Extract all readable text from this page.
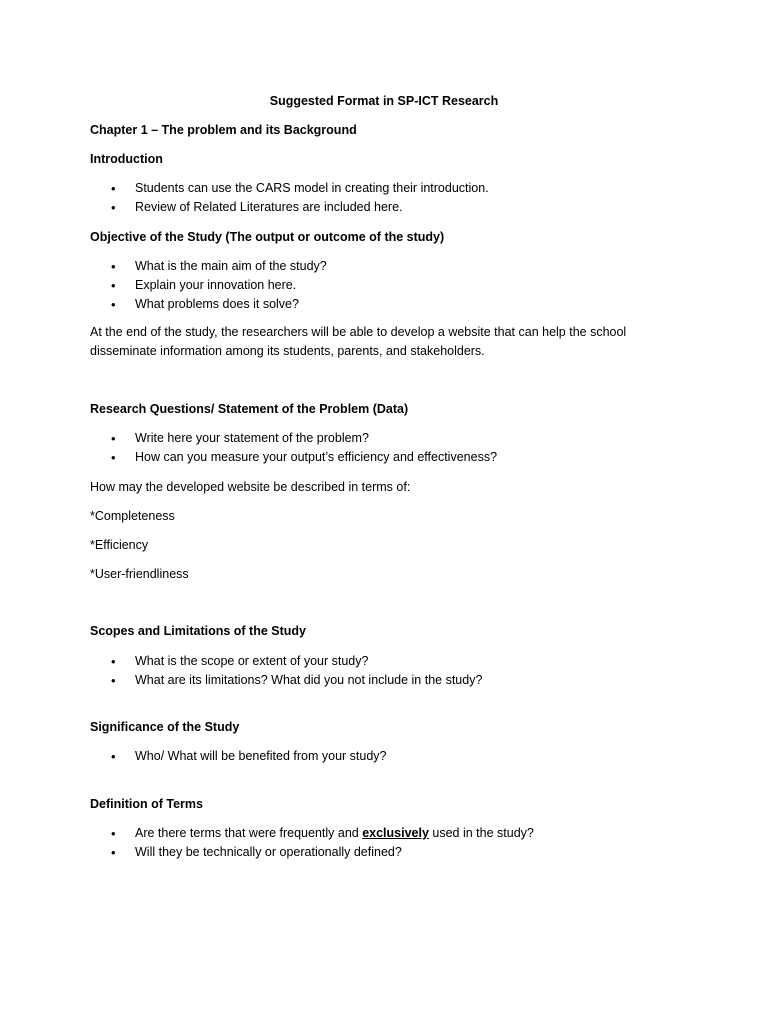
Suggested Format in SP-ICT Research

Chapter 1 – The problem and its Background

Introduction

• Students can use the CARS model in creating their introduction.
• Review of Related Literatures are included here.

Objective of the Study (The output or outcome of the study)

• What is the main aim of the study?
• Explain your innovation here.
• What problems does it solve?

At the end of the study, the researchers will be able to develop a website that can help the school disseminate information among its students, parents, and stakeholders.

Research Questions/ Statement of the Problem (Data)

• Write here your statement of the problem?
• How can you measure your output’s efficiency and effectiveness?

How may the developed website be described in terms of:

*Completeness

*Efficiency

*User-friendliness

Scopes and Limitations of the Study

• What is the scope or extent of your study?
• What are its limitations? What did you not include in the study?

Significance of the Study

• Who/ What will be benefited from your study?

Definition of Terms

• Are there terms that were frequently and exclusively used in the study?
• Will they be technically or operationally defined?
